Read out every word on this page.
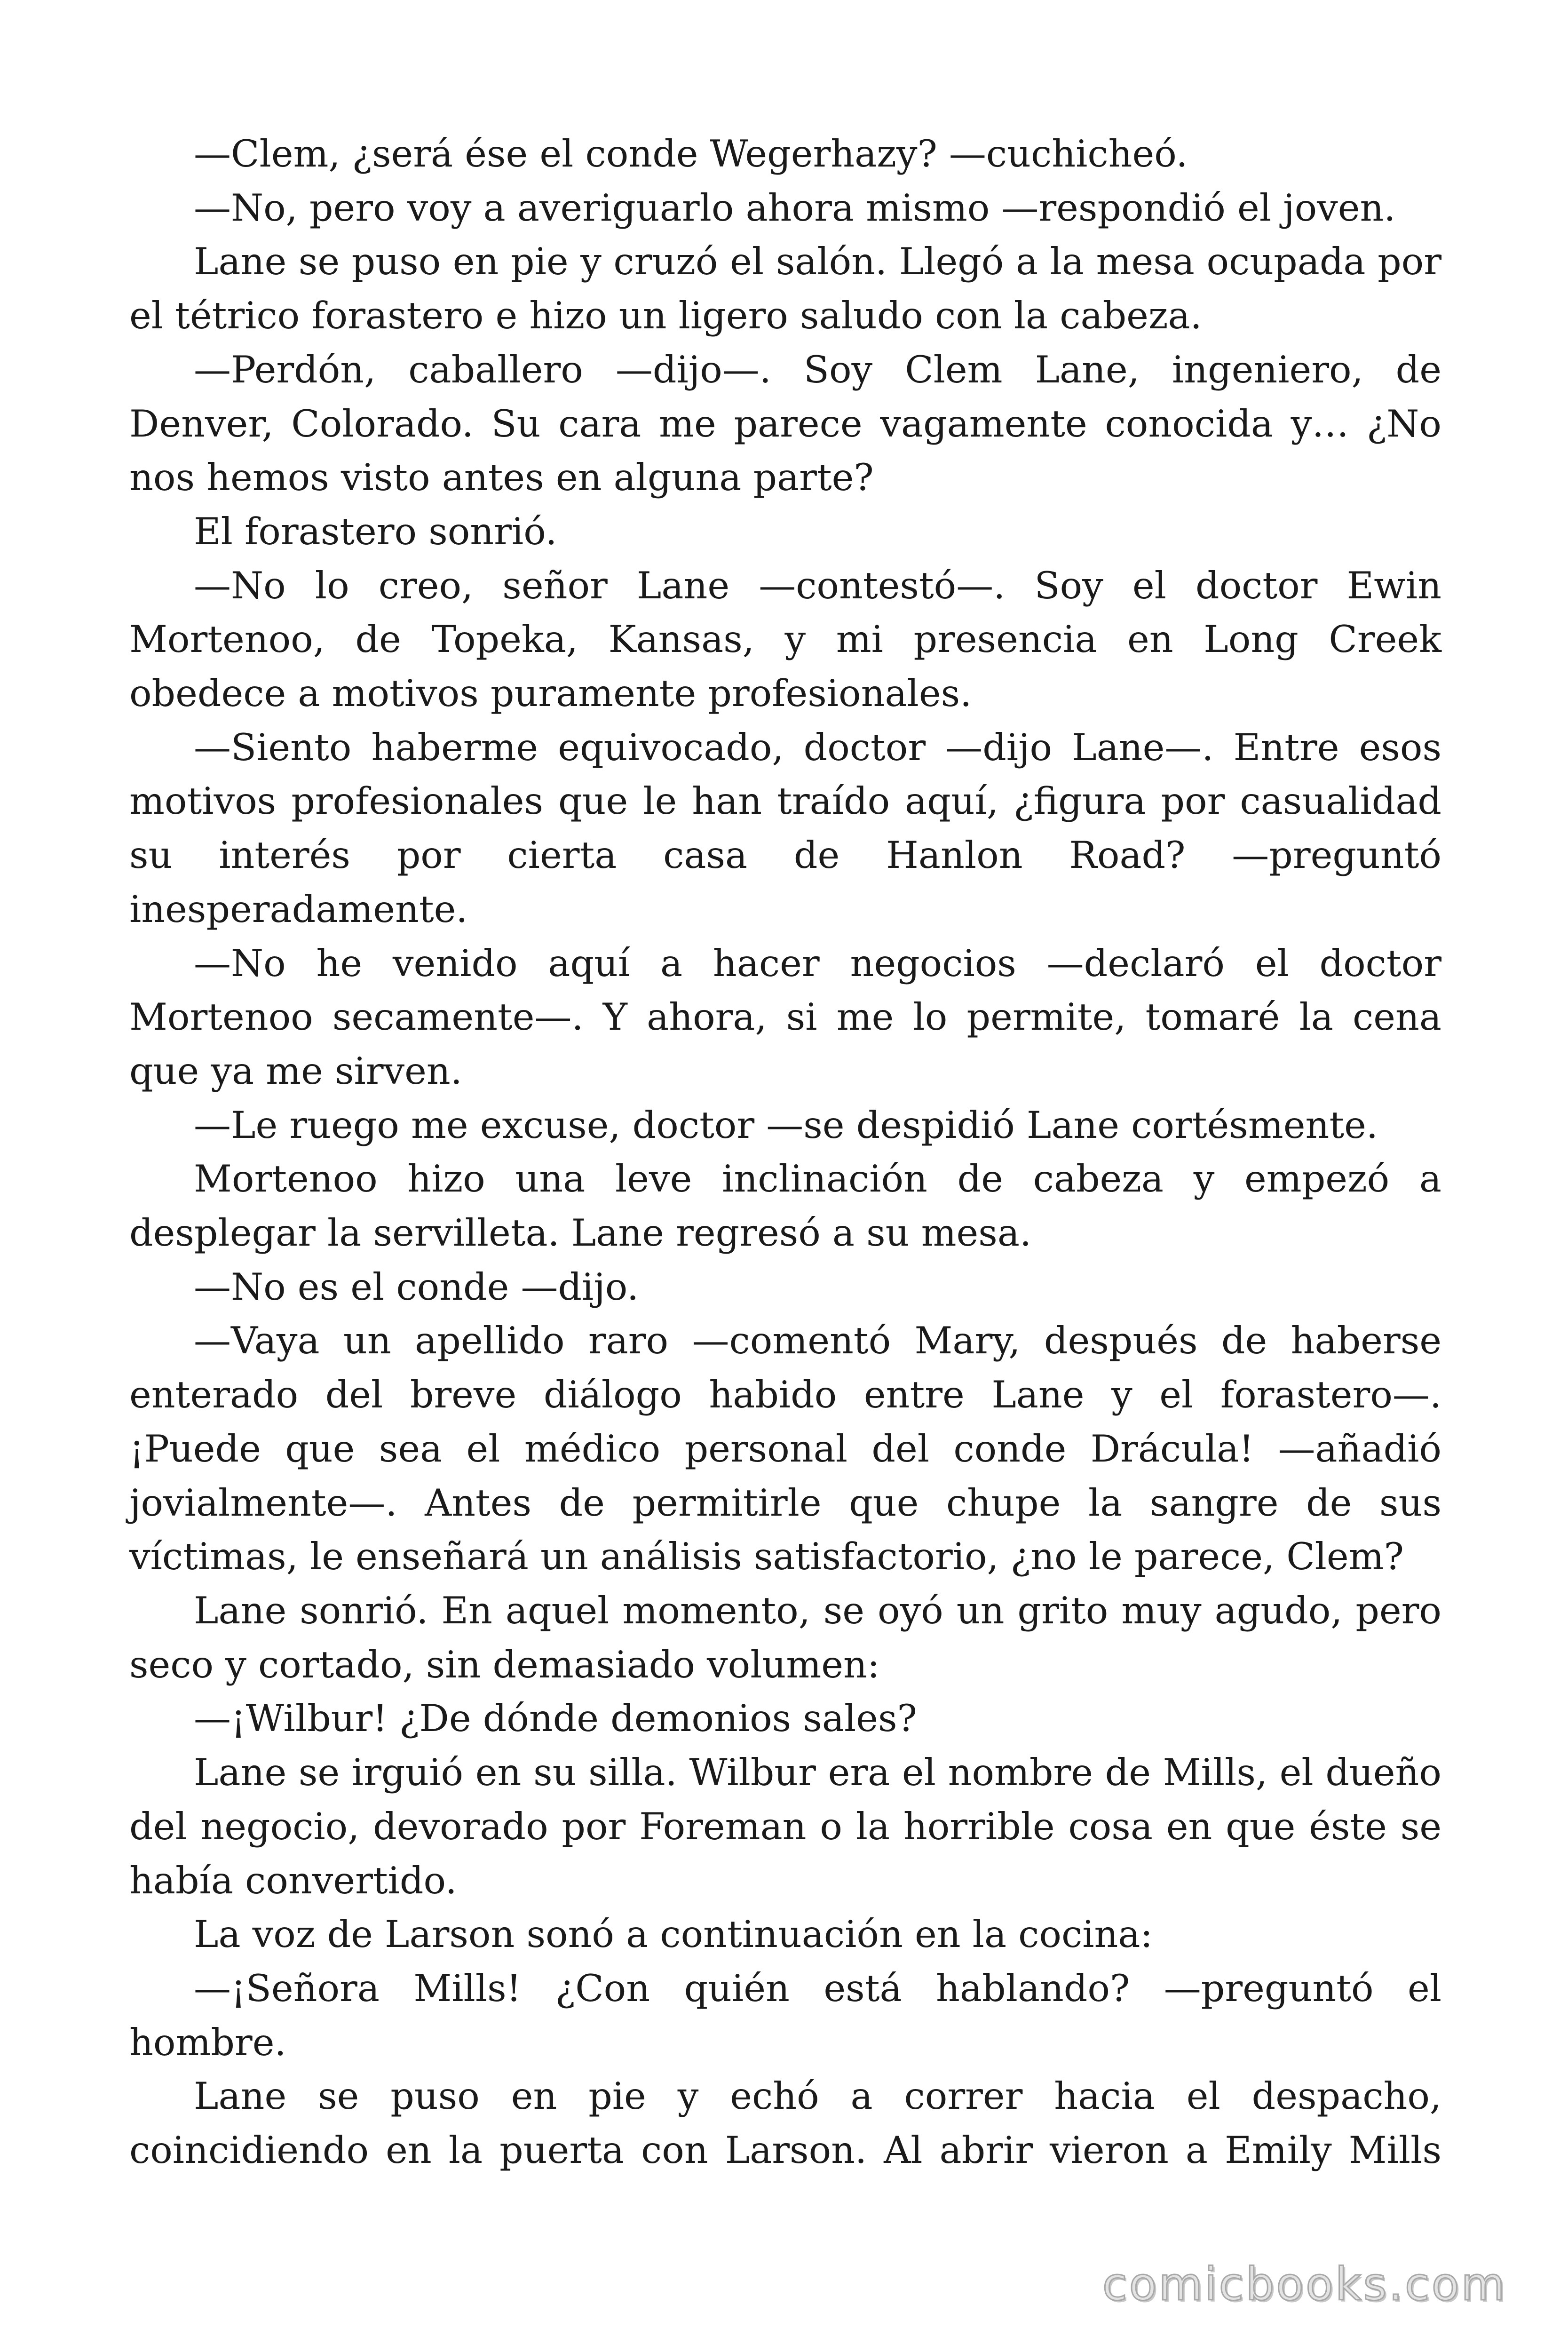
—Clem, ¿será ése el conde Wegerhazy? —cuchicheó.

—No, pero voy a averiguarlo ahora mismo —respondió el joven.

Lane se puso en pie y cruzó el salón. Llegó a la mesa ocupada por el tétrico forastero e hizo un ligero saludo con la cabeza.

—Perdón, caballero —dijo—. Soy Clem Lane, ingeniero, de Denver, Colorado. Su cara me parece vagamente conocida y… ¿No nos hemos visto antes en alguna parte?

El forastero sonrió.

—No lo creo, señor Lane —contestó—. Soy el doctor Ewin Mortenoo, de Topeka, Kansas, y mi presencia en Long Creek obedece a motivos puramente profesionales.

—Siento haberme equivocado, doctor —dijo Lane—. Entre esos motivos profesionales que le han traído aquí, ¿figura por casualidad su interés por cierta casa de Hanlon Road? —preguntó inesperadamente.

—No he venido aquí a hacer negocios —declaró el doctor Mortenoo secamente—. Y ahora, si me lo permite, tomaré la cena que ya me sirven.

—Le ruego me excuse, doctor —se despidió Lane cortésmente.

Mortenoo hizo una leve inclinación de cabeza y empezó a desplegar la servilleta. Lane regresó a su mesa.

—No es el conde —dijo.

—Vaya un apellido raro —comentó Mary, después de haberse enterado del breve diálogo habido entre Lane y el forastero—. ¡Puede que sea el médico personal del conde Drácula! —añadió jovialmente—. Antes de permitirle que chupe la sangre de sus víctimas, le enseñará un análisis satisfactorio, ¿no le parece, Clem?

Lane sonrió. En aquel momento, se oyó un grito muy agudo, pero seco y cortado, sin demasiado volumen:

—¡Wilbur! ¿De dónde demonios sales?

Lane se irguió en su silla. Wilbur era el nombre de Mills, el dueño del negocio, devorado por Foreman o la horrible cosa en que éste se había convertido.

La voz de Larson sonó a continuación en la cocina:

—¡Señora Mills! ¿Con quién está hablando? —preguntó el hombre.

Lane se puso en pie y echó a correr hacia el despacho, coincidiendo en la puerta con Larson. Al abrir vieron a Emily Mills

comicbooks.com
